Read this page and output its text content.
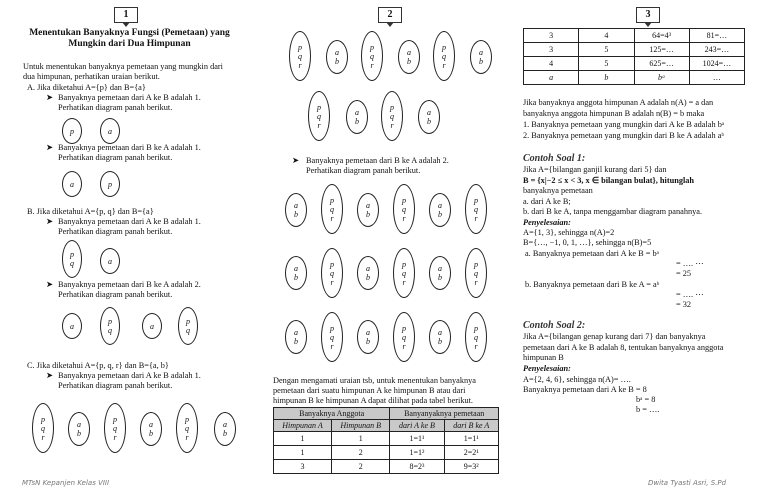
1	2	3
Menentukan Banyaknya Fungsi (Pemetaan) yang
Mungkin dari Dua Himpunan
Untuk menentukan banyaknya pemetaan yang mungkin dari
dua himpunan, perhatikan uraian berikut.
A. Jika diketahui A={p} dan B={a}
➤ Banyaknya pemetaan dari A ke B adalah 1.
Perhatikan diagram panah berikut.
p	a
➤ Banyaknya pemetaan dari B ke A adalah 1.
Perhatikan diagram panah berikut.
a	p
B. Jika diketahui A={p, q} dan B={a}
➤ Banyaknya pemetaan dari A ke B adalah 1.
Perhatikan diagram panah berikut.
p
q	a
➤ Banyaknya pemetaan dari B ke A adalah 2.
Perhatikan diagram panah berikut.
a	p
q	a	p
q
C. Jika diketahui A={p, q, r} dan B={a, b}
➤ Banyaknya pemetaan dari A ke B adalah 1.
Perhatikan diagram panah berikut.
p
q
r
a
b
p
q
r
a
b
p
q
r
a
b
MTsN Kepanjen Kelas VIII
p
q
r
a
b
p
q
r
a
b
p
q
r
a
b
p
q
r
a
b
p
q
r
a
b
➤ Banyaknya pemetaan dari B ke A adalah 2.
Perhatikan diagram panah berikut.
a
b
p
q
r
a
b
p
q
r
a
b
p
q
r
a
b
p
q
r
a
b
p
q
r
a
b
p
q
r
a
b
p
q
r
a
b
p
q
r
a
b
p
q
r
Dengan mengamati uraian tsb, untuk menentukan banyaknya
pemetaan dari suatu himpunan A ke himpunan B atau dari
himpunan B ke himpunan A dapat dilihat pada tabel berikut.
Banyaknya Anggota		Banyanyaknya pemetaan	
Himpunan A	Himpunan B	dari A ke B	dari B ke A
1	1	1=1¹	1=1¹
1	2	1=1²	2=2¹
3	2	8=2³	9=3²
3	4	64=4³	81=…
3	5	125=…	243=…
4	5	625=…	1024=…
a	b	bᵃ	…
Jika banyaknya anggota himpunan A adalah n(A) = a dan
banyaknya anggota himpunan B adalah n(B) = b maka
1. Banyaknya pemetaan yang mungkin dari A ke B adalah bᵃ
2. Banyaknya pemetaan yang mungkin dari B ke A adalah aᵇ
Contoh Soal 1:
Jika A={bilangan ganjil kurang dari 5} dan
B = {x|−2 ≤ x < 3, x ∈ bilangan bulat}, hitunglah
banyaknya pemetaan
a. dari A ke B;
b. dari B ke A, tanpa menggambar diagram panahnya.
Penyelesaian:
A={1, 3}, sehingga n(A)=2
B={…, −1, 0, 1, …}, sehingga n(B)=5
a. Banyaknya pemetaan dari A ke B = bᵃ
= …. ⋯
= 25
b. Banyaknya pemetaan dari B ke A = aᵇ
= …. ⋯
= 32
Contoh Soal 2:
Jika A={bilangan genap kurang dari 7} dan banyaknya
pemetaan dari A ke B adalah 8, tentukan banyaknya anggota
himpunan B
Penyelesaian:
A={2, 4, 6}, sehingga n(A)= ….
Banyaknya pemetaan dari A ke B = 8
bᵃ = 8
b = ….
Dwita Tyasti Asri, S.Pd
